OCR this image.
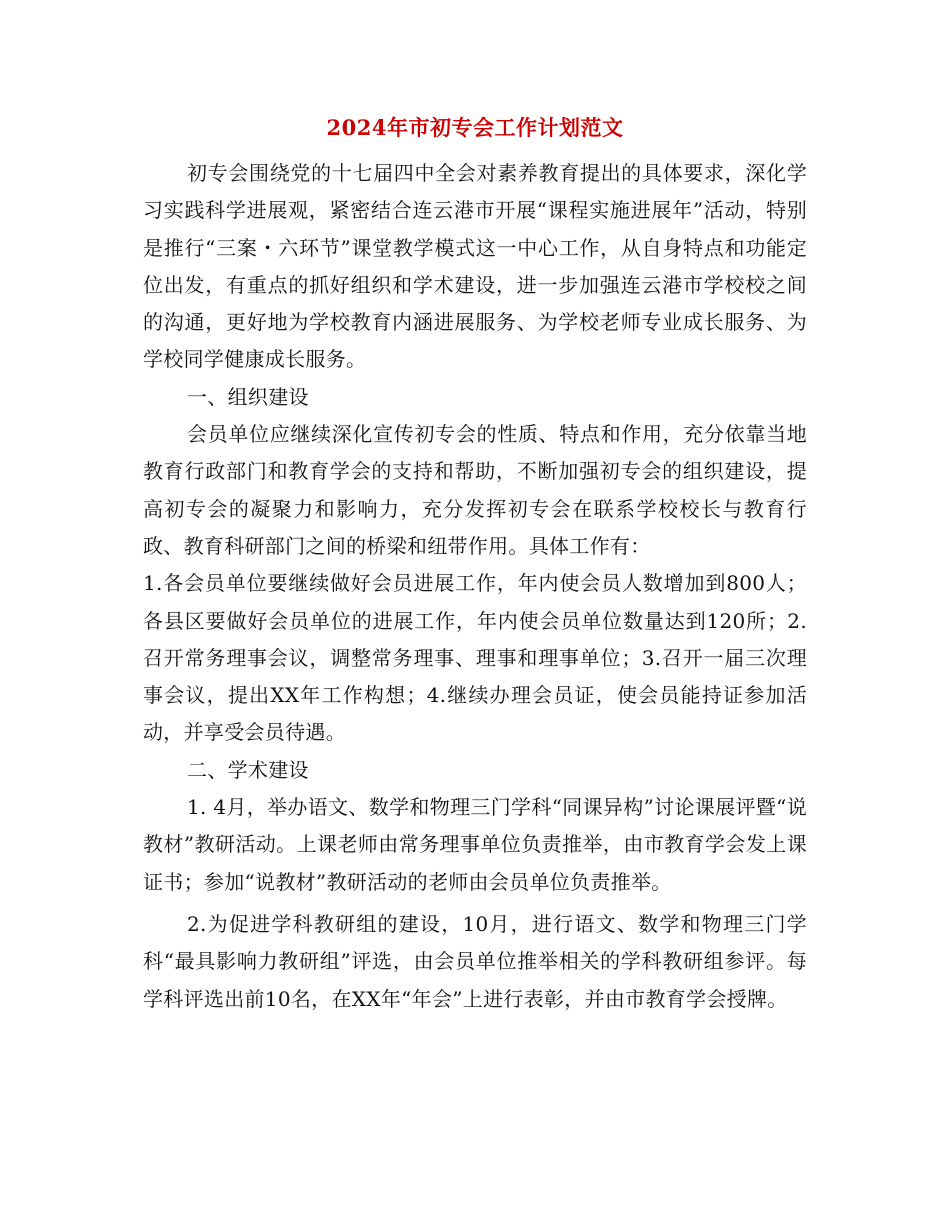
2024年市初专会工作计划范文

初专会围绕党的十七届四中全会对素养教育提出的具体要求，深化学习实践科学进展观，紧密结合连云港市开展“课程实施进展年”活动，特别是推行“三案・六环节”课堂教学模式这一中心工作，从自身特点和功能定位出发，有重点的抓好组织和学术建设，进一步加强连云港市学校校之间的沟通，更好地为学校教育内涵进展服务、为学校老师专业成长服务、为学校同学健康成长服务。

一、组织建设

会员单位应继续深化宣传初专会的性质、特点和作用，充分依靠当地教育行政部门和教育学会的支持和帮助，不断加强初专会的组织建设，提高初专会的凝聚力和影响力，充分发挥初专会在联系学校校长与教育行政、教育科研部门之间的桥梁和纽带作用。具体工作有：

1.各会员单位要继续做好会员进展工作，年内使会员人数增加到800人；各县区要做好会员单位的进展工作，年内使会员单位数量达到120所；2.召开常务理事会议，调整常务理事、理事和理事单位；3.召开一届三次理事会议，提出XX年工作构想；4.继续办理会员证，使会员能持证参加活动，并享受会员待遇。

二、学术建设

1. 4月，举办语文、数学和物理三门学科“同课异构”讨论课展评暨“说教材”教研活动。上课老师由常务理事单位负责推举，由市教育学会发上课证书；参加“说教材”教研活动的老师由会员单位负责推举。

2.为促进学科教研组的建设，10月，进行语文、数学和物理三门学科“最具影响力教研组”评选，由会员单位推举相关的学科教研组参评。每学科评选出前10名，在XX年“年会”上进行表彰，并由市教育学会授牌。
